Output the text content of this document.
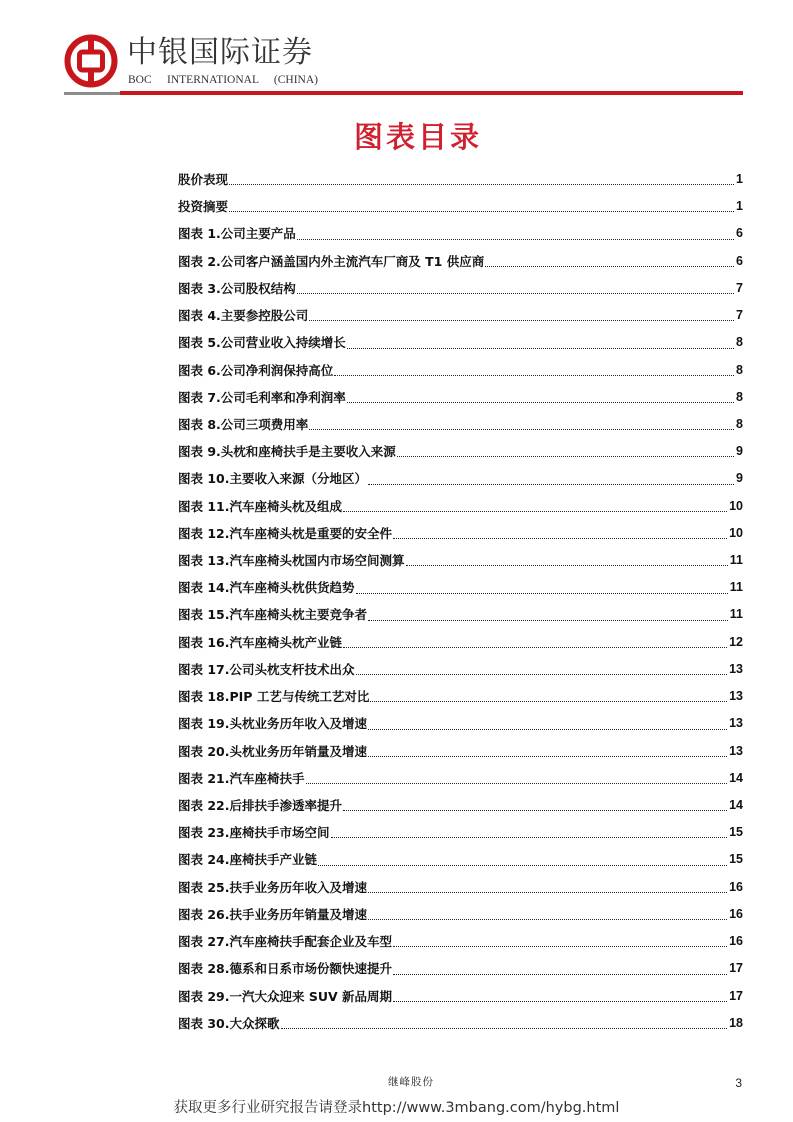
中银国际证券
BOC INTERNATIONAL (CHINA)
图表目录
股价表现	1
投资摘要	1
图表 1.公司主要产品	6
图表 2.公司客户涵盖国内外主流汽车厂商及 T1 供应商	6
图表 3.公司股权结构	7
图表 4.主要参控股公司	7
图表 5.公司营业收入持续增长	8
图表 6.公司净利润保持高位	8
图表 7.公司毛利率和净利润率	8
图表 8.公司三项费用率	8
图表 9.头枕和座椅扶手是主要收入来源	9
图表 10.主要收入来源（分地区）	9
图表 11.汽车座椅头枕及组成	10
图表 12.汽车座椅头枕是重要的安全件	10
图表 13.汽车座椅头枕国内市场空间测算	11
图表 14.汽车座椅头枕供货趋势	11
图表 15.汽车座椅头枕主要竞争者	11
图表 16.汽车座椅头枕产业链	12
图表 17.公司头枕支杆技术出众	13
图表 18.PIP 工艺与传统工艺对比	13
图表 19.头枕业务历年收入及增速	13
图表 20.头枕业务历年销量及增速	13
图表 21.汽车座椅扶手	14
图表 22.后排扶手渗透率提升	14
图表 23.座椅扶手市场空间	15
图表 24.座椅扶手产业链	15
图表 25.扶手业务历年收入及增速	16
图表 26.扶手业务历年销量及增速	16
图表 27.汽车座椅扶手配套企业及车型	16
图表 28.德系和日系市场份额快速提升	17
图表 29.一汽大众迎来 SUV 新品周期	17
图表 30.大众探歌	18
继峰股份	3
获取更多行业研究报告请登录http://www.3mbang.com/hybg.html
